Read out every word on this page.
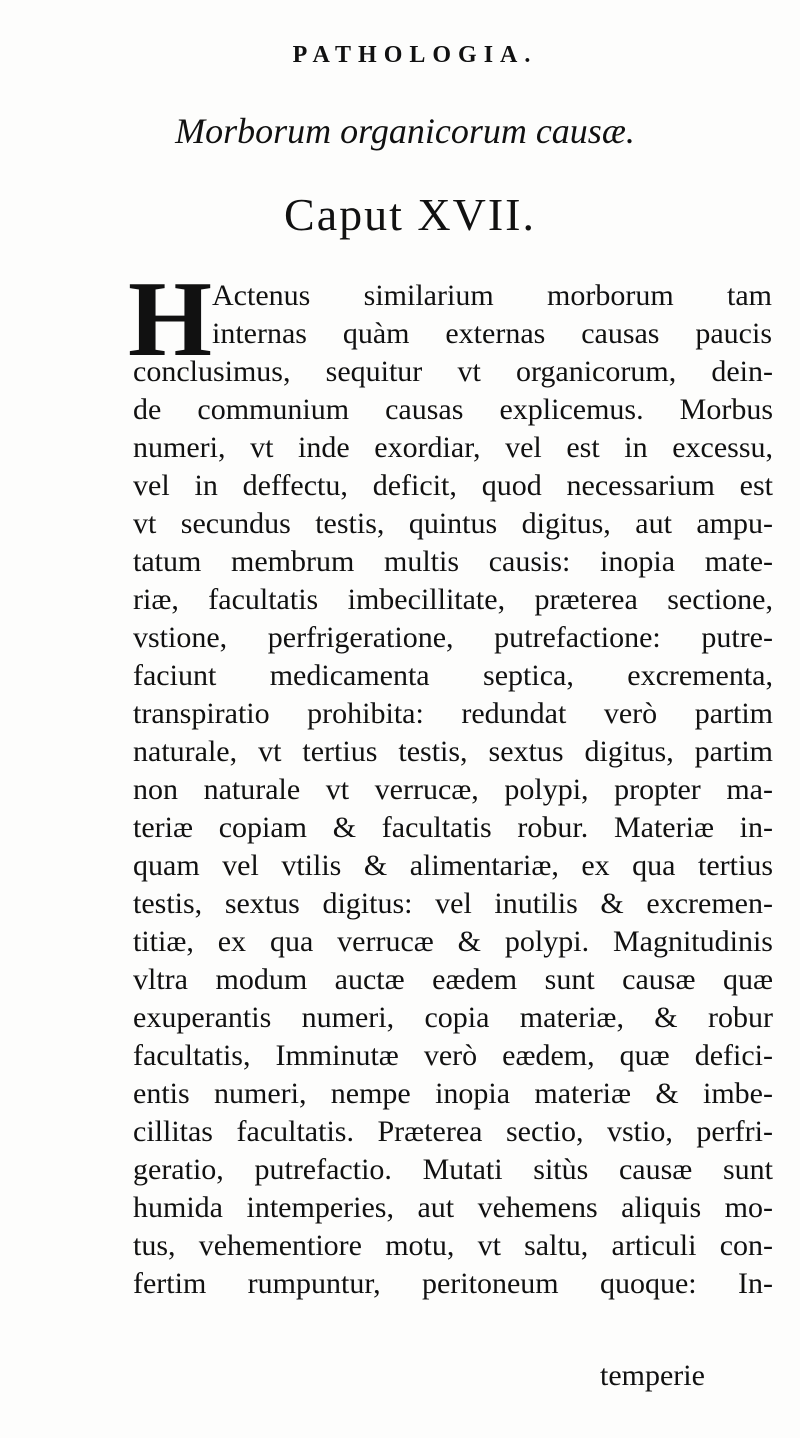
PATHOLOGIA.
Morborum organicorum causæ.
Caput XVII.
H Actenus similarium morborum tam
internas quàm externas causas paucis
conclusimus, sequitur vt organicorum, dein-
de communium causas explicemus. Morbus
numeri, vt inde exordiar, vel est in excessu,
vel in deffectu, deficit, quod necessarium est
vt secundus testis, quintus digitus, aut ampu-
tatum membrum multis causis: inopia mate-
riæ, facultatis imbecillitate, præterea sectione,
vstione, perfrigeratione, putrefactione: putre-
faciunt medicamenta septica, excrementa,
transpiratio prohibita: redundat verò partim
naturale, vt tertius testis, sextus digitus, partim
non naturale vt verrucæ, polypi, propter ma-
teriæ copiam & facultatis robur. Materiæ in-
quam vel vtilis & alimentariæ, ex qua tertius
testis, sextus digitus: vel inutilis & excremen-
titiæ, ex qua verrucæ & polypi. Magnitudinis
vltra modum auctæ eædem sunt causæ quæ
exuperantis numeri, copia materiæ, & robur
facultatis, Imminutæ verò eædem, quæ defici-
entis numeri, nempe inopia materiæ & imbe-
cillitas facultatis. Præterea sectio, vstio, perfri-
geratio, putrefactio. Mutati sitùs causæ sunt
humida intemperies, aut vehemens aliquis mo-
tus, vehementiore motu, vt saltu, articuli con-
fertim rumpuntur, peritoneum quoque: In-
temperie
